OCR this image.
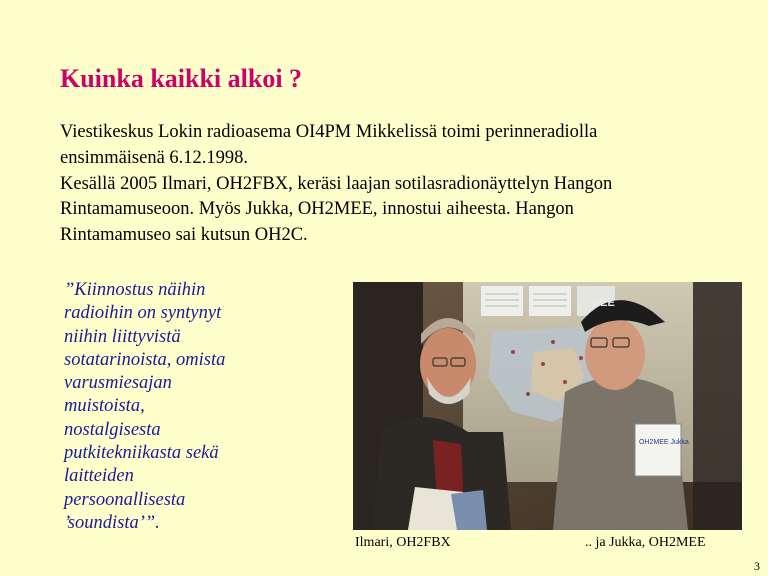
Kuinka kaikki alkoi ?
Viestikeskus Lokin radioasema OI4PM Mikkelissä toimi perinneradiolla
ensimmäisenä 6.12.1998.
Kesällä 2005 Ilmari, OH2FBX, keräsi laajan sotilasradionäyttelyn Hangon
Rintamamuseoon. Myös Jukka, OH2MEE, innostui aiheesta. Hangon
Rintamamuseo sai kutsun OH2C.
”Kiinnostus näihin
radioihin on syntynyt
niihin liittyvistä
sotatarinoista, omista
varusmiesajan
muistoista,
nostalgisesta
putkitekniikasta sekä
laitteiden
persoonallisesta
’soundista’”.
MEE
OH2MEE Jukka
Ilmari, OH2FBX	.. ja Jukka, OH2MEE
3
